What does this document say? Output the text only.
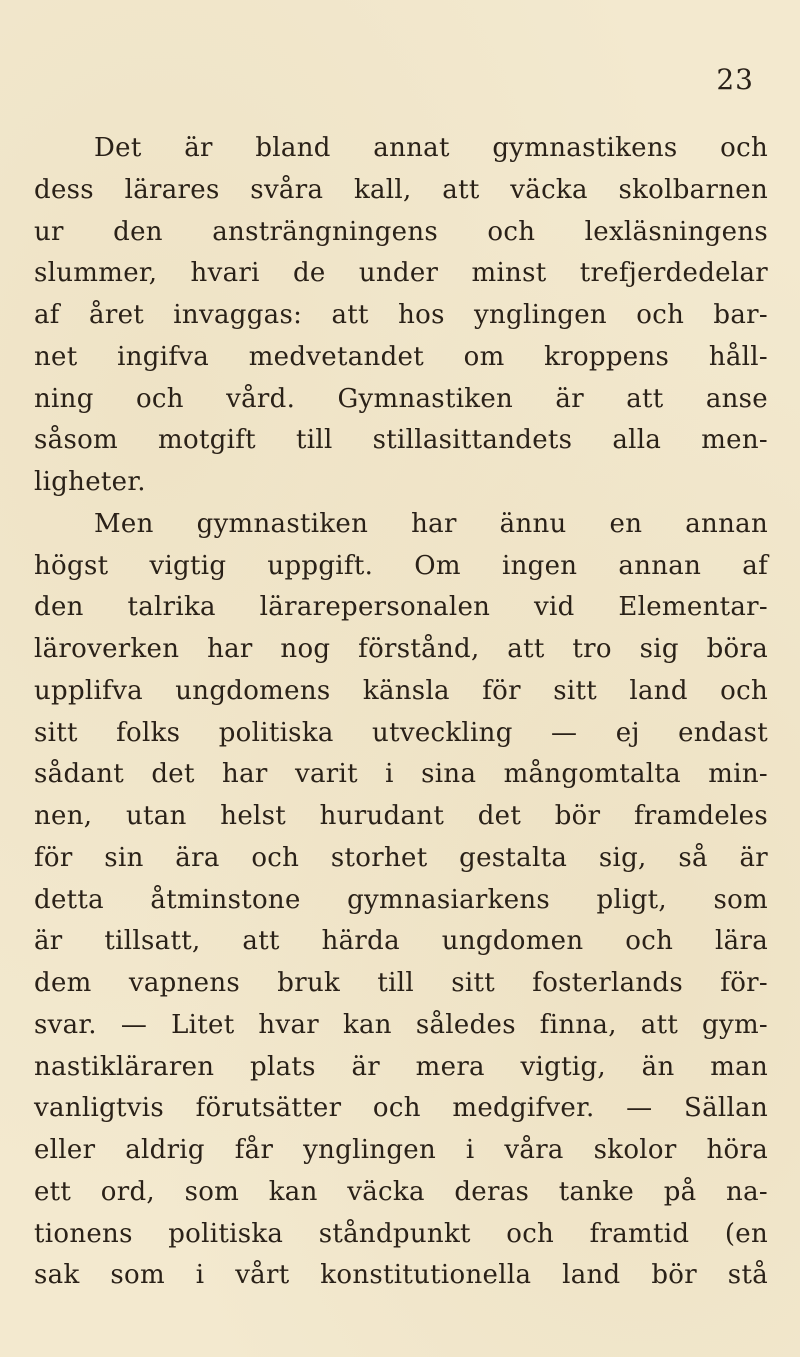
23
Det är bland annat gymnastikens och
dess lärares svåra kall, att väcka skolbarnen
ur den ansträngningens och lexläsningens
slummer, hvari de under minst trefjerdedelar
af året invaggas: att hos ynglingen och bar-
net ingifva medvetandet om kroppens håll-
ning och vård. Gymnastiken är att anse
såsom motgift till stillasittandets alla men-
ligheter.
Men gymnastiken har ännu en annan
högst vigtig uppgift. Om ingen annan af
den talrika lärarepersonalen vid Elementar-
läroverken har nog förstånd, att tro sig böra
upplifva ungdomens känsla för sitt land och
sitt folks politiska utveckling — ej endast
sådant det har varit i sina mångomtalta min-
nen, utan helst hurudant det bör framdeles
för sin ära och storhet gestalta sig, så är
detta åtminstone gymnasiarkens pligt, som
är tillsatt, att härda ungdomen och lära
dem vapnens bruk till sitt fosterlands för-
svar. — Litet hvar kan således finna, att gym-
nastikläraren plats är mera vigtig, än man
vanligtvis förutsätter och medgifver. — Sällan
eller aldrig får ynglingen i våra skolor höra
ett ord, som kan väcka deras tanke på na-
tionens politiska ståndpunkt och framtid (en
sak som i vårt konstitutionella land bör stå
